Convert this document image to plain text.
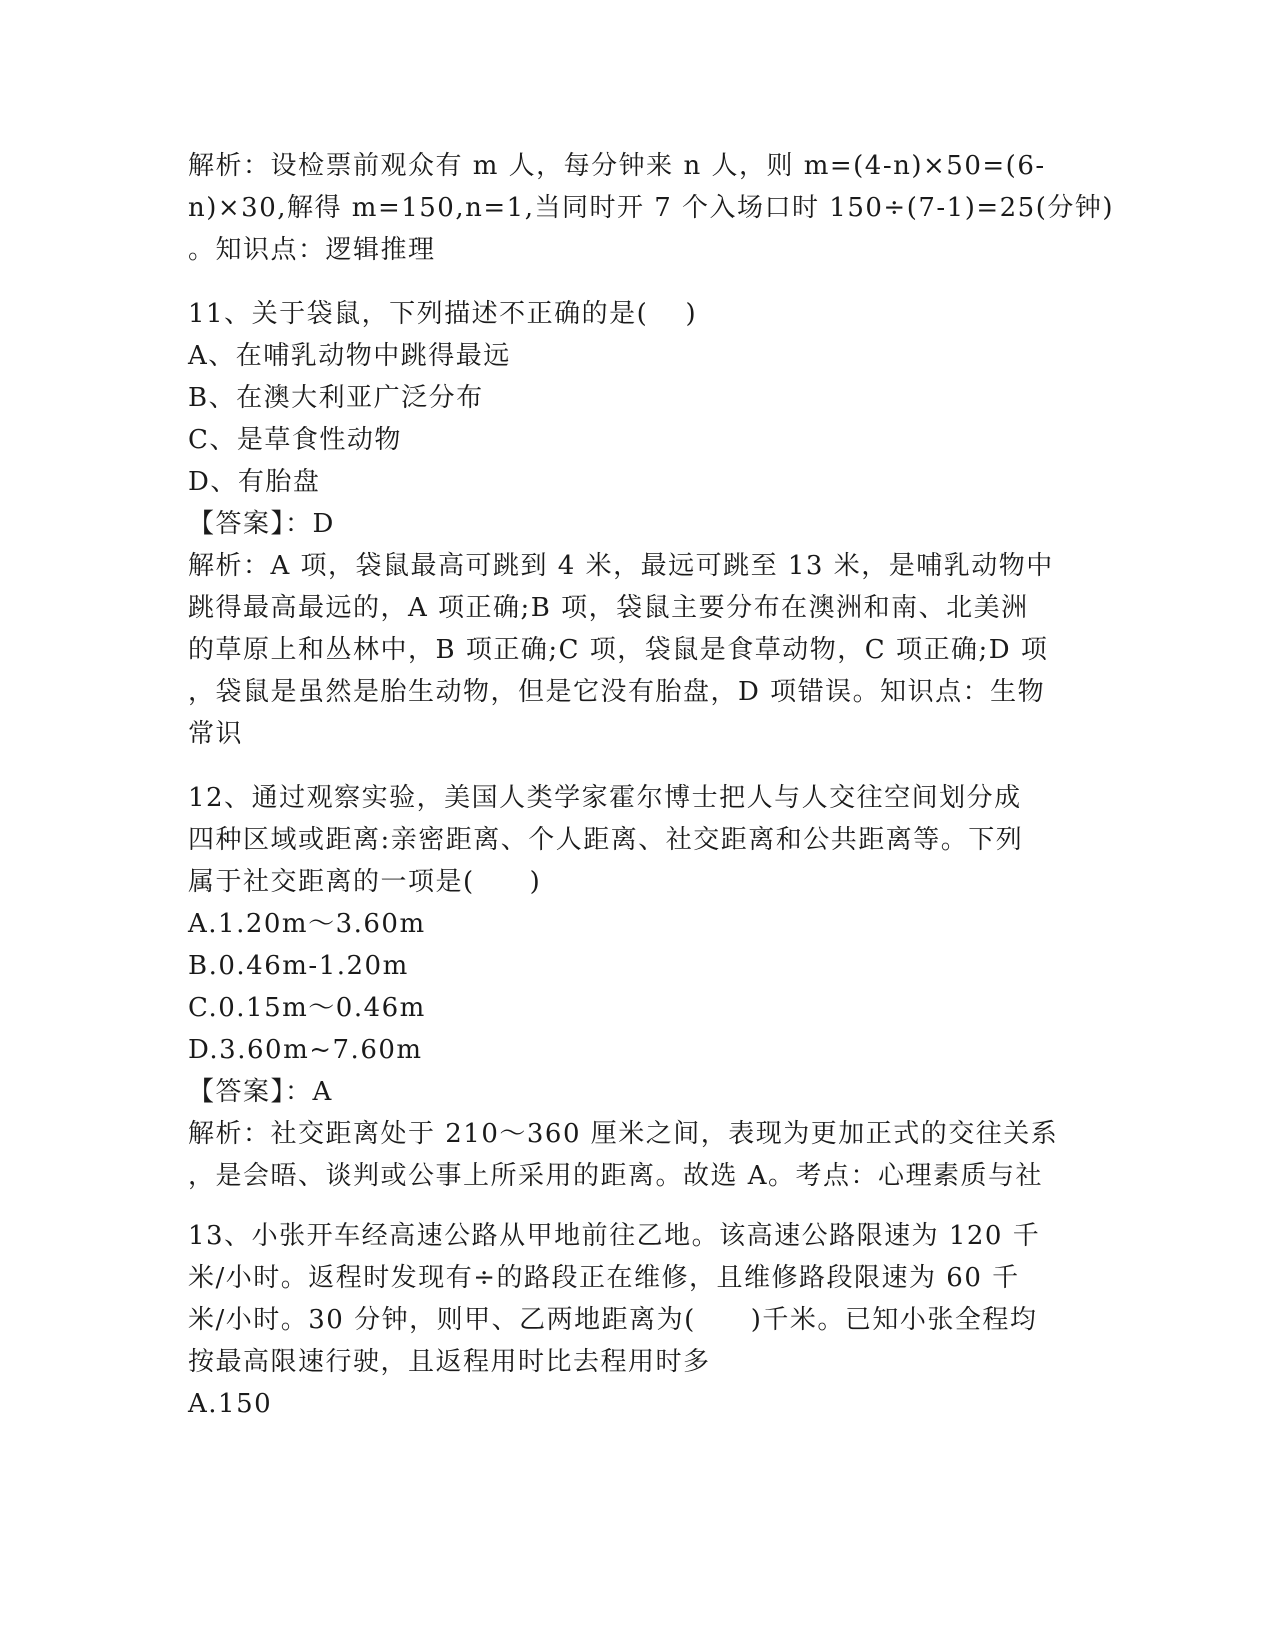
解析：设检票前观众有 m 人，每分钟来 n 人，则 m=(4-n)×50=(6-
n)×30,解得 m=150,n=1,当同时开 7 个入场口时 150÷(7-1)=25(分钟)
。知识点：逻辑推理
11、关于袋鼠，下列描述不正确的是(　 )
A、在哺乳动物中跳得最远
B、在澳大利亚广泛分布
C、是草食性动物
D、有胎盘
【答案】：D
解析：A 项，袋鼠最高可跳到 4 米，最远可跳至 13 米，是哺乳动物中
跳得最高最远的，A 项正确;B 项，袋鼠主要分布在澳洲和南、北美洲
的草原上和丛林中，B 项正确;C 项，袋鼠是食草动物，C 项正确;D 项
，袋鼠是虽然是胎生动物，但是它没有胎盘，D 项错误。知识点：生物
常识
12、通过观察实验，美国人类学家霍尔博士把人与人交往空间划分成
四种区域或距离:亲密距离、个人距离、社交距离和公共距离等。下列
属于社交距离的一项是(　　)
A.1.20m～3.60m
B.0.46m-1.20m
C.0.15m～0.46m
D.3.60m~7.60m
【答案】：A
解析：社交距离处于 210～360 厘米之间，表现为更加正式的交往关系
，是会晤、谈判或公事上所采用的距离。故选 A。考点：心理素质与社
13、小张开车经高速公路从甲地前往乙地。该高速公路限速为 120 千
米/小时。返程时发现有÷的路段正在维修，且维修路段限速为 60 千
米/小时。30 分钟，则甲、乙两地距离为(　　)千米。已知小张全程均
按最高限速行驶，且返程用时比去程用时多
A.150
